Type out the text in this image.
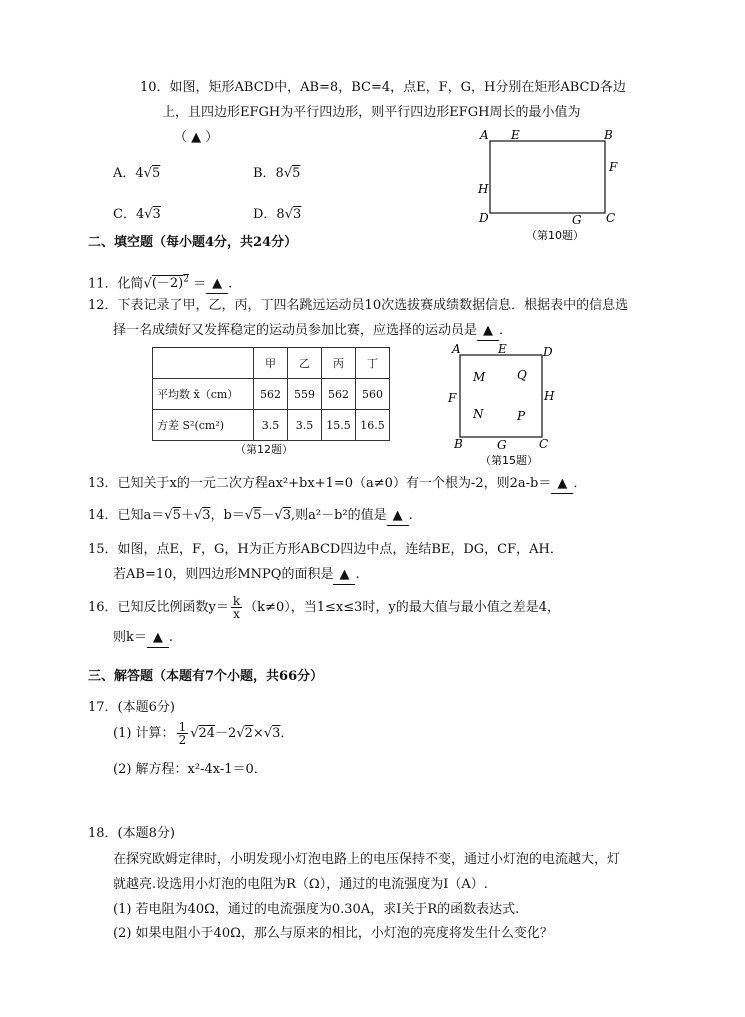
10．如图，矩形ABCD中，AB=8，BC=4，点E，F，G，H分别在矩形ABCD各边
上，且四边形EFGH为平行四边形，则平行四边形EFGH周长的最小值为
（ ▲ ）
A．4√5	B．8√5
C．4√3	D．8√3
A E	B
F
H
D	G C
（第10题）
二、填空题（每小题4分，共24分）
11．化简$√(-2)^2$ ＝ ▲ .
12．下表记录了甲，乙，丙，丁四名跳远运动员10次选拔赛成绩数据信息．根据表中的信息选
择一名成绩好又发挥稳定的运动员参加比赛，应选择的运动员是 ▲ ．
	甲	乙	丙	丁
平均数 x̄（cm）	562	559	562	560
方差 S²(cm²)	3.5	3.5	15.5	16.5
（第12题）
A	E	D
F	H
M	Q
N	P
B	G	C
（第15题）
13．已知关于x的一元二次方程ax²+bx+1=0（a≠0）有一个根为-2，则2a-b＝ ▲ ．
14．已知a＝√5＋√3，b＝√5－√3,则a²－b²的值是 ▲ .
15．如图，点E，F，G，H为正方形ABCD四边中点，连结BE，DG，CF，AH．
若AB=10，则四边形MNPQ的面积是 ▲ .
16．已知反比例函数$y= \frac{k}{x} (k\ne 0)$，当1≤x≤3时，y的最大值与最小值之差是4，
则k＝ ▲ .
三、解答题（本题有7个小题，共66分）
17．(本题6分)
(1) 计算： $\frac{1}{2} √24-2√2\times√3$．
(2) 解方程：x²-4x-1＝0．
18．(本题8分)
在探究欧姆定律时，小明发现小灯泡电路上的电压保持不变，通过小灯泡的电流越大，灯
就越亮.设选用小灯泡的电阻为R（Ω），通过的电流强度为I（A）.
(1) 若电阻为40Ω，通过的电流强度为0.30A，求I关于R的函数表达式.
(2) 如果电阻小于40Ω，那么与原来的相比，小灯泡的亮度将发生什么变化？
